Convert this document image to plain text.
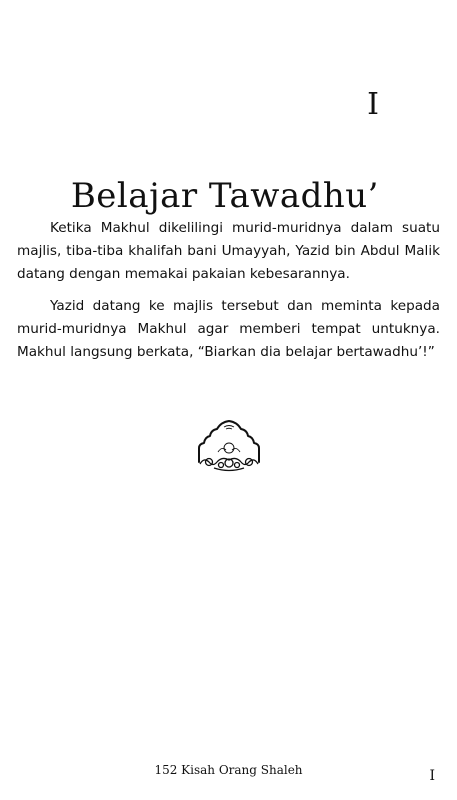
I
Belajar Tawadhu’

Ketika Makhul dikelilingi murid-muridnya dalam suatu majlis, tiba-tiba khalifah bani Umayyah, Yazid bin Abdul Malik datang dengan memakai pakaian kebesarannya.

Yazid datang ke majlis tersebut dan meminta kepada murid-muridnya Makhul agar memberi tempat untuknya. Makhul langsung berkata, “Biarkan dia belajar bertawadhu’!”

152 Kisah Orang Shaleh	I
